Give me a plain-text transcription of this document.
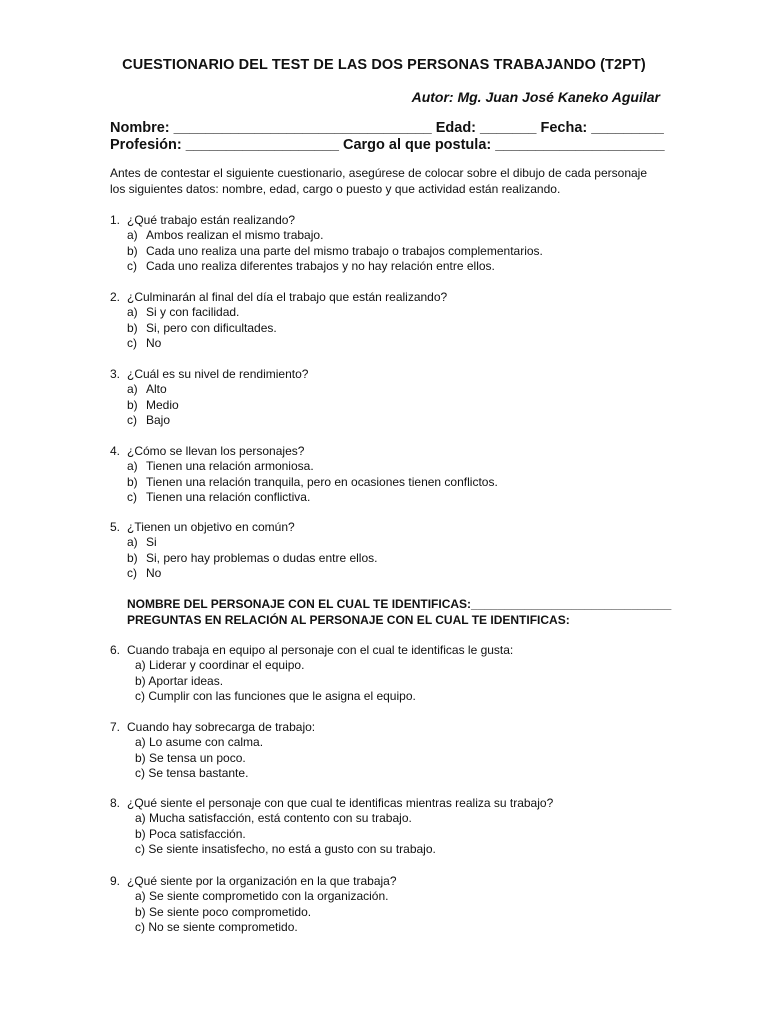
CUESTIONARIO DEL TEST DE LAS DOS PERSONAS TRABAJANDO (T2PT)
Autor: Mg. Juan José Kaneko Aguilar
Nombre: ________________________________ Edad: _______ Fecha: _________
Profesión: ___________________ Cargo al que postula: _____________________
Antes de contestar el siguiente cuestionario, asegúrese de colocar sobre el dibujo de cada personaje los siguientes datos: nombre, edad, cargo o puesto y que actividad están realizando.
1. ¿Qué trabajo están realizando?
a) Ambos realizan el mismo trabajo.
b) Cada uno realiza una parte del mismo trabajo o trabajos complementarios.
c) Cada uno realiza diferentes trabajos y no hay relación entre ellos.
2. ¿Culminarán al final del día el trabajo que están realizando?
a) Si y con facilidad.
b) Si, pero con dificultades.
c) No
3. ¿Cuál es su nivel de rendimiento?
a) Alto
b) Medio
c) Bajo
4. ¿Cómo se llevan los personajes?
a) Tienen una relación armoniosa.
b) Tienen una relación tranquila, pero en ocasiones tienen conflictos.
c) Tienen una relación conflictiva.
5. ¿Tienen un objetivo en común?
a) Si
b) Si, pero hay problemas o dudas entre ellos.
c) No
NOMBRE DEL PERSONAJE CON EL CUAL TE IDENTIFICAS:______________________________
PREGUNTAS EN RELACIÓN AL PERSONAJE CON EL CUAL TE IDENTIFICAS:
6. Cuando trabaja en equipo al personaje con el cual te identificas le gusta:
a) Liderar y coordinar el equipo.
b) Aportar ideas.
c) Cumplir con las funciones que le asigna el equipo.
7. Cuando hay sobrecarga de trabajo:
a) Lo asume con calma.
b) Se tensa un poco.
c) Se tensa bastante.
8. ¿Qué siente el personaje con que cual te identificas mientras realiza su trabajo?
a) Mucha satisfacción, está contento con su trabajo.
b) Poca satisfacción.
c) Se siente insatisfecho, no está a gusto con su trabajo.
9. ¿Qué siente por la organización en la que trabaja?
a) Se siente comprometido con la organización.
b) Se siente poco comprometido.
c) No se siente comprometido.
